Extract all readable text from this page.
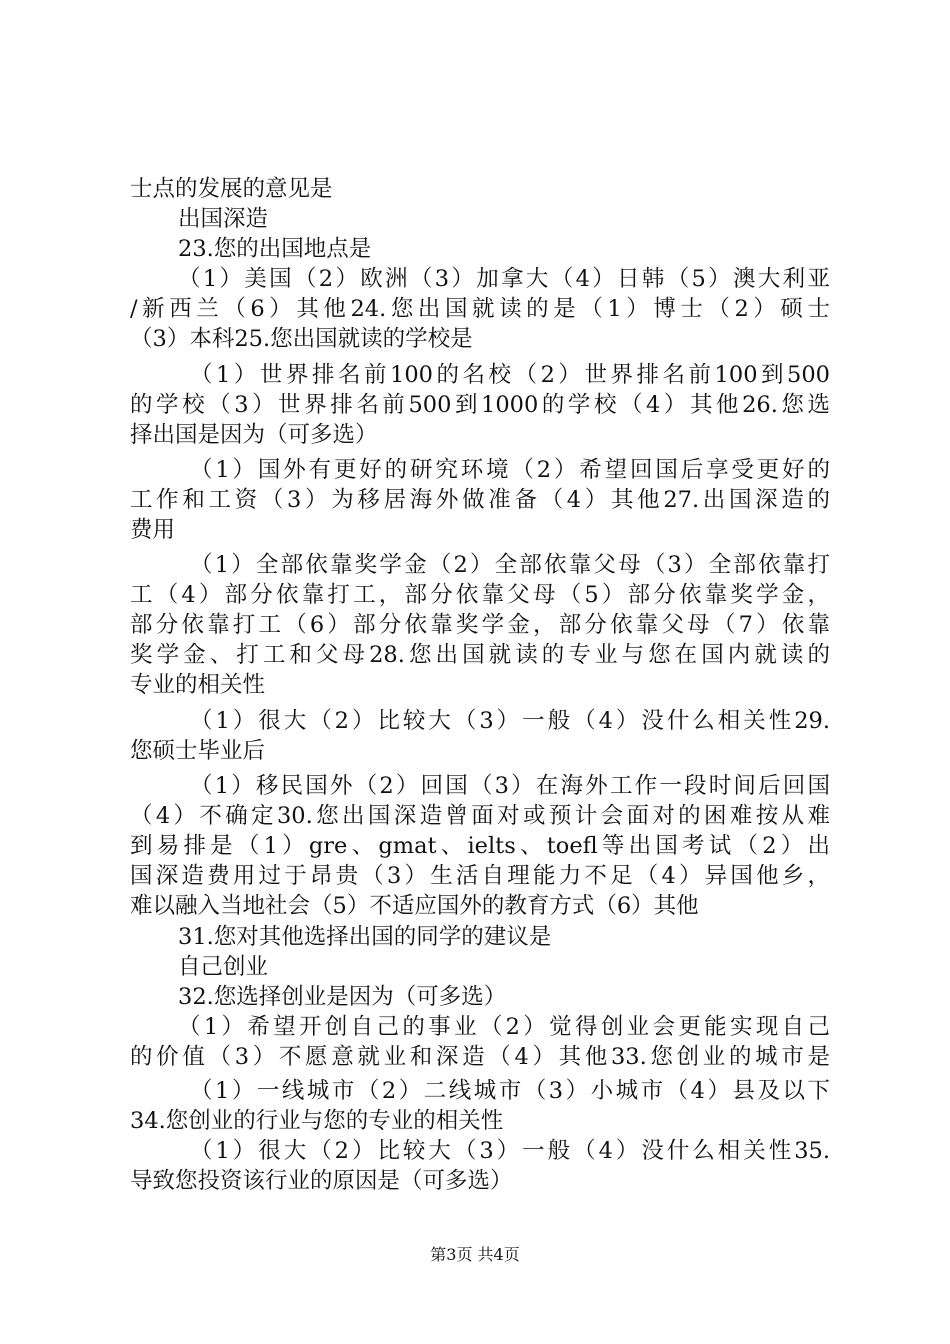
士点的发展的意见是
出国深造
23.您的出国地点是
（1）美国（2）欧洲（3）加拿大（4）日韩（5）澳大利亚
/新西兰（6）其他24.您出国就读的是（1）博士（2）硕士
（3）本科25.您出国就读的学校是
（1）世界排名前100的名校（2）世界排名前100到500
的学校（3）世界排名前500到1000的学校（4）其他26.您选
择出国是因为（可多选）
（1）国外有更好的研究环境（2）希望回国后享受更好的
工作和工资（3）为移居海外做准备（4）其他27.出国深造的
费用
（1）全部依靠奖学金（2）全部依靠父母（3）全部依靠打
工（4）部分依靠打工，部分依靠父母（5）部分依靠奖学金，
部分依靠打工（6）部分依靠奖学金，部分依靠父母（7）依靠
奖学金、打工和父母28.您出国就读的专业与您在国内就读的
专业的相关性
（1）很大（2）比较大（3）一般（4）没什么相关性29.
您硕士毕业后
（1）移民国外（2）回国（3）在海外工作一段时间后回国
（4）不确定30.您出国深造曾面对或预计会面对的困难按从难
到易排是（1）gre、gmat、ielts、toefl等出国考试（2）出
国深造费用过于昂贵（3）生活自理能力不足（4）异国他乡，
难以融入当地社会（5）不适应国外的教育方式（6）其他
31.您对其他选择出国的同学的建议是
自己创业
32.您选择创业是因为（可多选）
（1）希望开创自己的事业（2）觉得创业会更能实现自己
的价值（3）不愿意就业和深造（4）其他33.您创业的城市是
（1）一线城市（2）二线城市（3）小城市（4）县及以下
34.您创业的行业与您的专业的相关性
（1）很大（2）比较大（3）一般（4）没什么相关性35.
导致您投资该行业的原因是（可多选）
第3页 共4页
